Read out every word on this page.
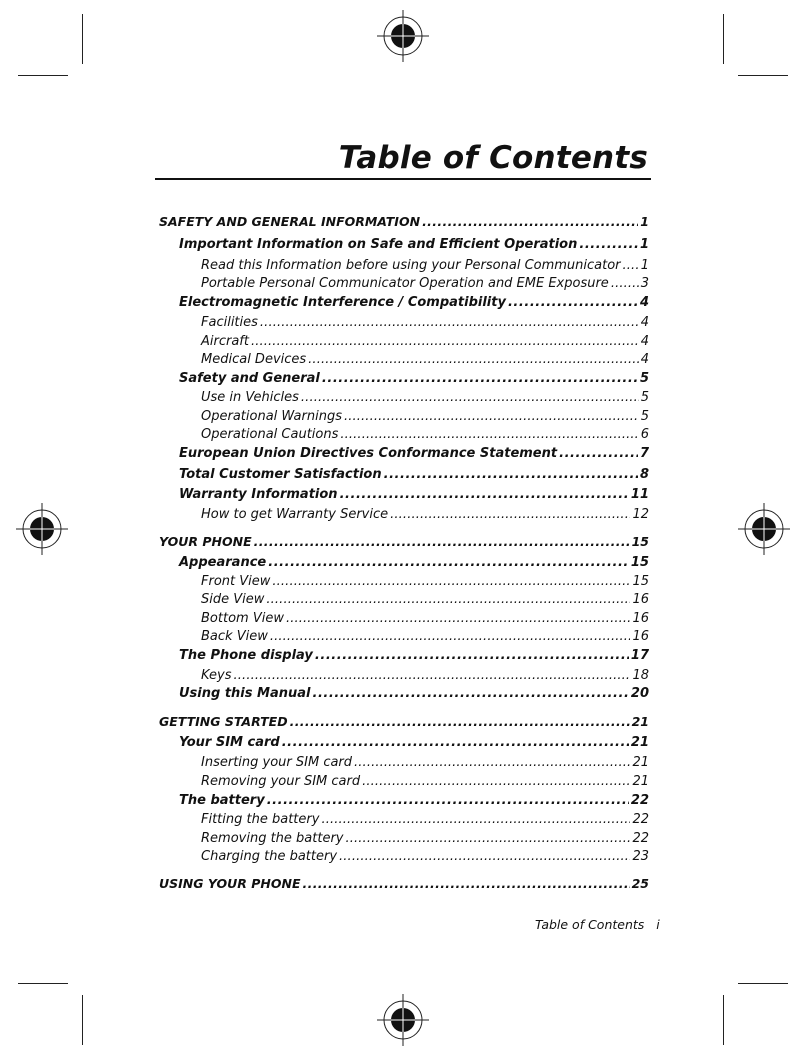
Table of Contents
SAFETY AND GENERAL INFORMATION . . .	1
Important Information on Safe and Efficient Operation . . .	1
Read this Information before using your Personal Communicator . . . 1
Portable Personal Communicator Operation and EME Exposure . . . 3
Electromagnetic Interference / Compatibility . . .	4
Facilities . . .	4
Aircraft . . .	4
Medical Devices . . .	4
Safety and General . . .	5
Use in Vehicles . . .	5
Operational Warnings . . .	5
Operational Cautions . . .	6
European Union Directives Conformance Statement . . .	7
Total Customer Satisfaction . . .	8
Warranty Information . . .	11
How to get Warranty Service . . .	12
YOUR PHONE . . .	15
Appearance . . .	15
Front View . . .	15
Side View . . .	16
Bottom View . . .	16
Back View . . .	16
The Phone display . . .	17
Keys . . .	18
Using this Manual . . .	20
GETTING STARTED . . .	21
Your SIM card . . .	21
Inserting your SIM card . . .	21
Removing your SIM card . . .	21
The battery . . .	22
Fitting the battery . . .	22
Removing the battery . . .	22
Charging the battery . . .	23
USING YOUR PHONE . . .	25
Table of Contents i
